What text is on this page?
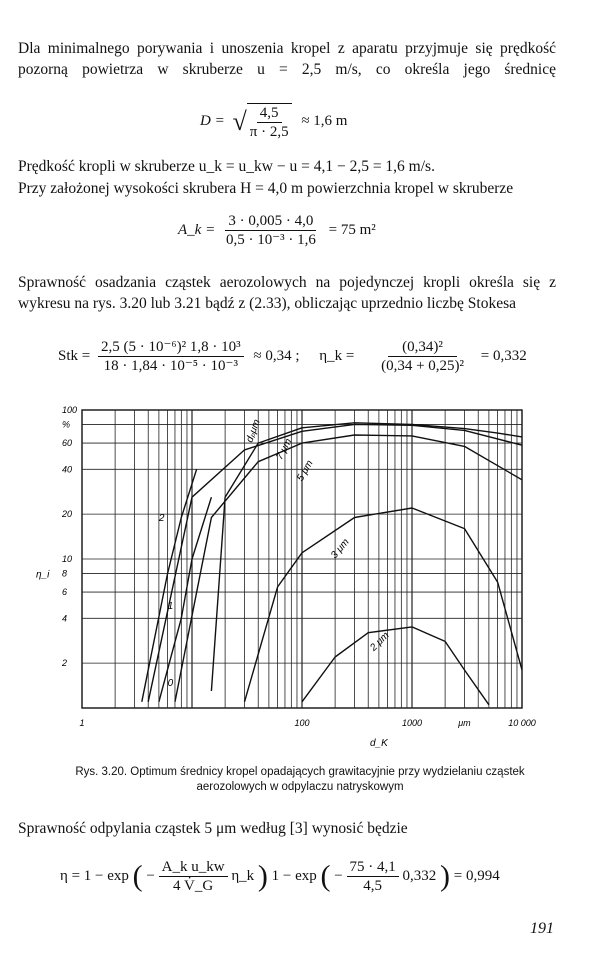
Dla minimalnego porywania i unoszenia kropel z aparatu przyjmuje się prędkość pozorną powietrza w skruberze u = 2,5 m/s, co określa jego średnicę
D = √ $\frac{4,5}{\pi \cdot 2,5} \approx 1,6$ m
Prędkość kropli w skruberze u_k = u_kw − u = 4,1 − 2,5 = 1,6 m/s.
Przy założonej wysokości skrubera H = 4,0 m powierzchnia kropel w skruberze
A_k = $\frac{3 \cdot 0,005 \cdot 4,0}{\text{0,5 · 10⁻³ · 1,6}} = 75$ m²
Sprawność osadzania cząstek aerozolowych na pojedynczej kropli określa się z wykresu na rys. 3.20 lub 3.21 bądź z (2.33), obliczając uprzednio liczbę Stokesa
Stk = $\frac{\text{2,5 (5 · 10⁻⁶)² 1,8 · 10³}}{\text{18 · 1,84 · 10⁻⁵ · 10⁻³}} \approx 0,34$ ; η_k = $\frac{\text{(0,34)²}}{\text{(0,34 + 0,25)²}} = 0,332$
dₚμm
7 μm
5 μm
3 μm
2 μm
1
2
0
100
%
60
40
20
10
8
6
4
2
η_i
1	100	1000	μm	10 000
d_K
Rys. 3.20. Optimum średnicy kropel opadających grawitacyjnie przy wydzielaniu cząstek aerozolowych w odpylaczu natryskowym
Sprawność odpylania cząstek 5 μm według [3] wynosić będzie
η = 1 − exp ( − $\frac{\text{A\_k u\_kw}}{4 V̇\_G}$ η_k ) 1 − exp ( − $\frac{75 \cdot 4,1}{4,5} 0,332$ ) = 0,994
191
